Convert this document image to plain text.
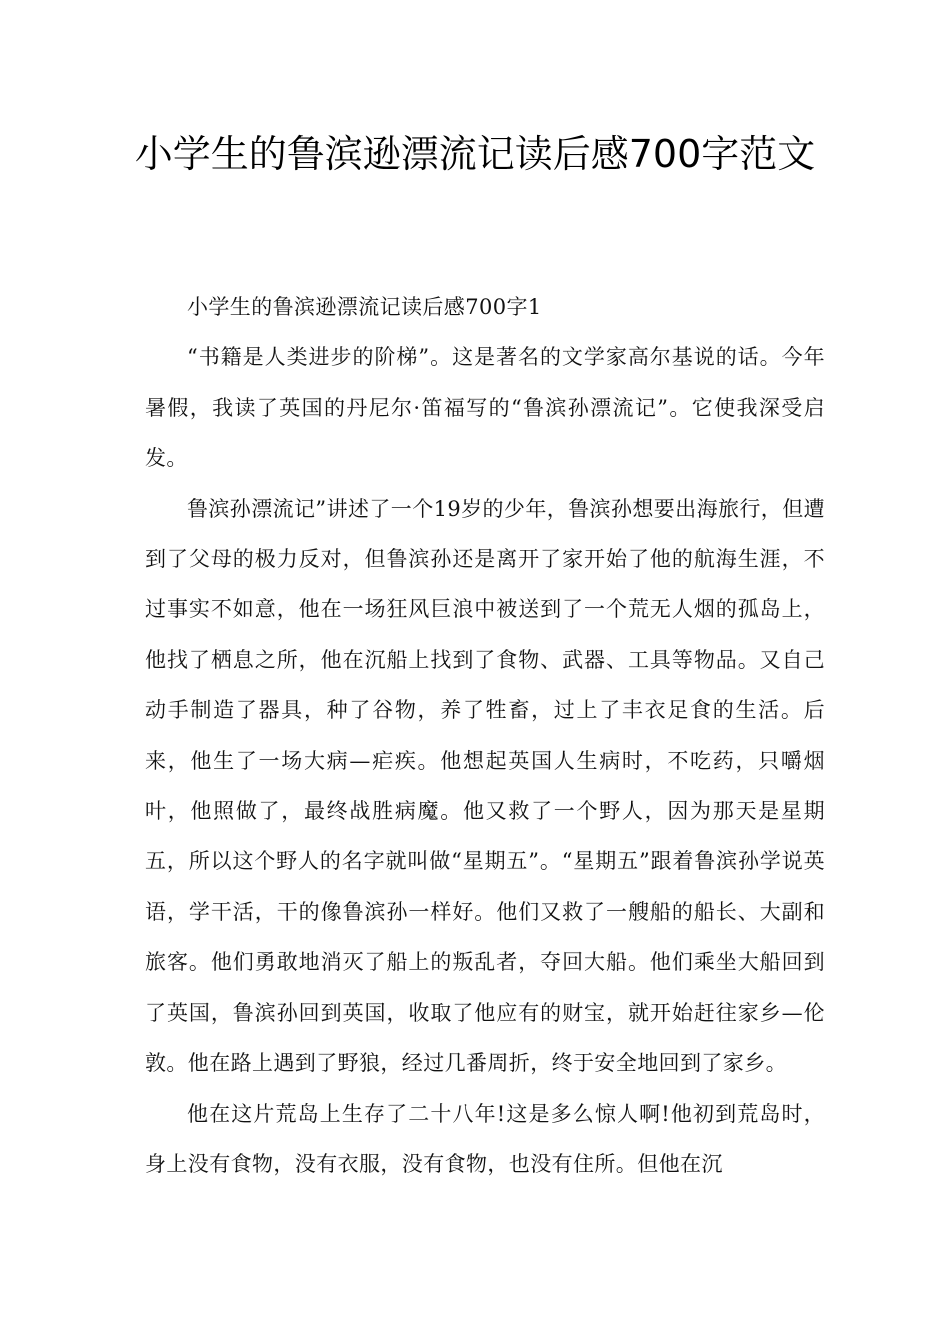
小学生的鲁滨逊漂流记读后感700字范文

小学生的鲁滨逊漂流记读后感700字1

“书籍是人类进步的阶梯”。这是著名的文学家高尔基说的话。今年暑假，我读了英国的丹尼尔·笛福写的“鲁滨孙漂流记”。它使我深受启发。

鲁滨孙漂流记”讲述了一个19岁的少年，鲁滨孙想要出海旅行，但遭到了父母的极力反对，但鲁滨孙还是离开了家开始了他的航海生涯，不过事实不如意，他在一场狂风巨浪中被送到了一个荒无人烟的孤岛上，他找了栖息之所，他在沉船上找到了食物、武器、工具等物品。又自己动手制造了器具，种了谷物，养了牲畜，过上了丰衣足食的生活。后来，他生了一场大病—疟疾。他想起英国人生病时，不吃药，只嚼烟叶，他照做了，最终战胜病魔。他又救了一个野人，因为那天是星期五，所以这个野人的名字就叫做“星期五”。“星期五”跟着鲁滨孙学说英语，学干活，干的像鲁滨孙一样好。他们又救了一艘船的船长、大副和旅客。他们勇敢地消灭了船上的叛乱者，夺回大船。他们乘坐大船回到了英国，鲁滨孙回到英国，收取了他应有的财宝，就开始赶往家乡—伦敦。他在路上遇到了野狼，经过几番周折，终于安全地回到了家乡。

他在这片荒岛上生存了二十八年!这是多么惊人啊!他初到荒岛时，身上没有食物，没有衣服，没有食物，也没有住所。但他在沉
